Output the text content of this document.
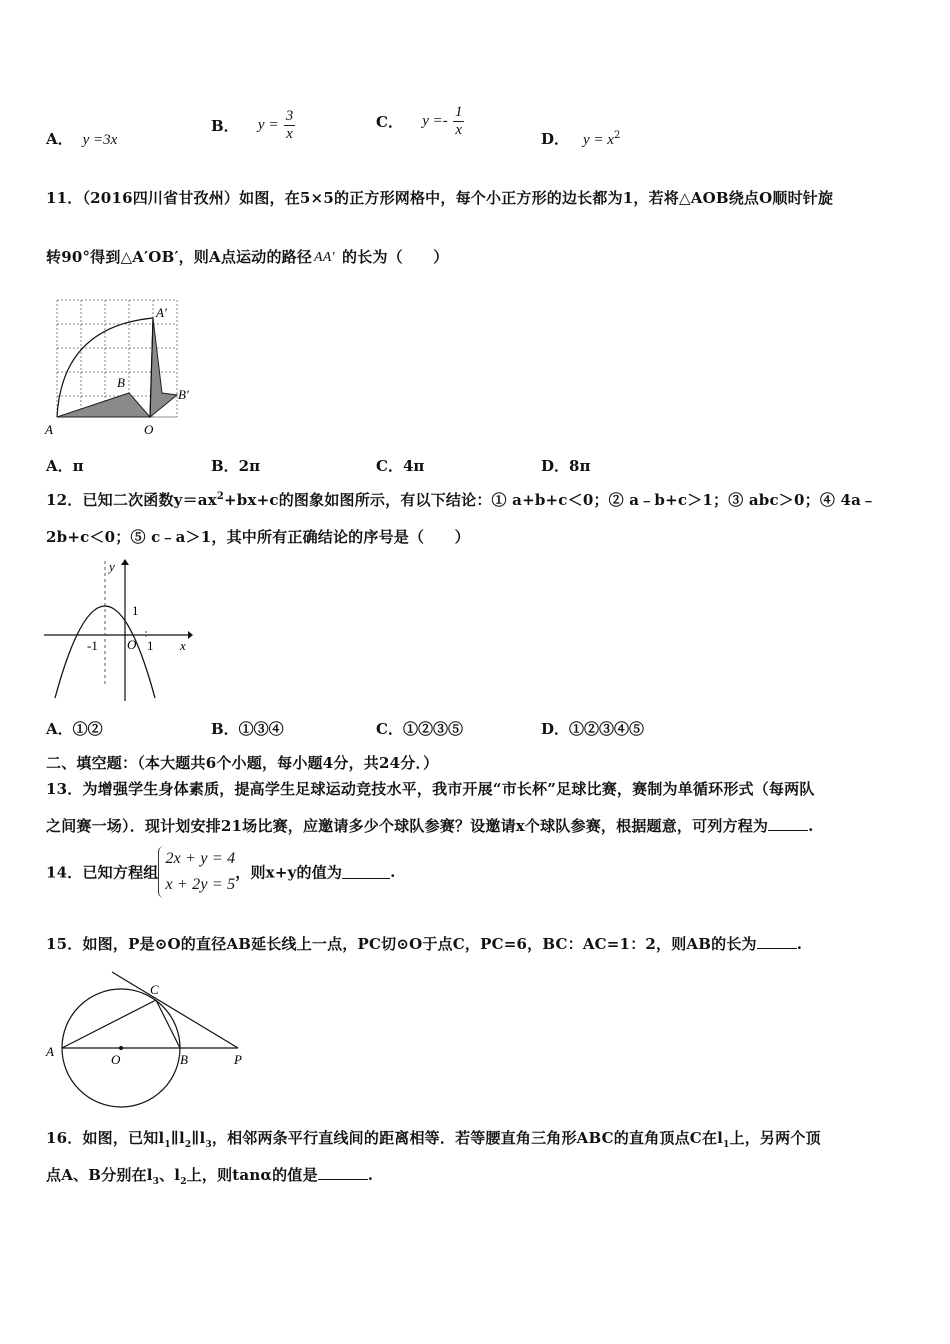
A． y =3x
B． $y = \frac{3}{x}$	C． $y =- \frac{1}{x}$	D． $y = x^2$
11．（2016四川省甘孜州）如图，在5×5的正方形网格中，每个小正方形的边长都为1，若将△AOB绕点O顺时针旋
转90°得到△A′OB′，则A点运动的路径 AA' 的长为（　　）
A	O
B
A′
B′
A．π	B．2π	C．4π	D．8π
12．已知二次函数$y=ax^2+bx+c$的图象如图所示，有以下结论：① a+b+c＜0；② a﹣b+c＞1；③ abc＞0；④ 4a﹣
2b+c＜0；⑤ c﹣a＞1，其中所有正确结论的序号是（　　）
y
x
1
-1 O 1
A．①②	B．①③④	C．①②③⑤	D．①②③④⑤
二、填空题：（本大题共6个小题，每小题4分，共24分．）
13．为增强学生身体素质，提高学生足球运动竞技水平，我市开展“市长杯”足球比赛，赛制为单循环形式（每两队
之间赛一场）．现计划安排21场比赛，应邀请多少个球队参赛？设邀请x个球队参赛，根据题意，可列方程为	.
14．已知方程组
2x + y = 4
x + 2y = 5
，则x+y的值为	.
15．如图，P是⊙O的直径AB延长线上一点，PC切⊙O于点C，PC=6，BC：AC=1：2，则AB的长为	.
A
O	B	P
C
16．如图，已知$l_1\parallel l_2\parallel l_3$，相邻两条平行直线间的距离相等．若等腰直角三角形ABC的直角顶点C在$l_1$上，另两个顶
点A、B分别在$l_3$、$l_2$上，则tanα的值是	.
